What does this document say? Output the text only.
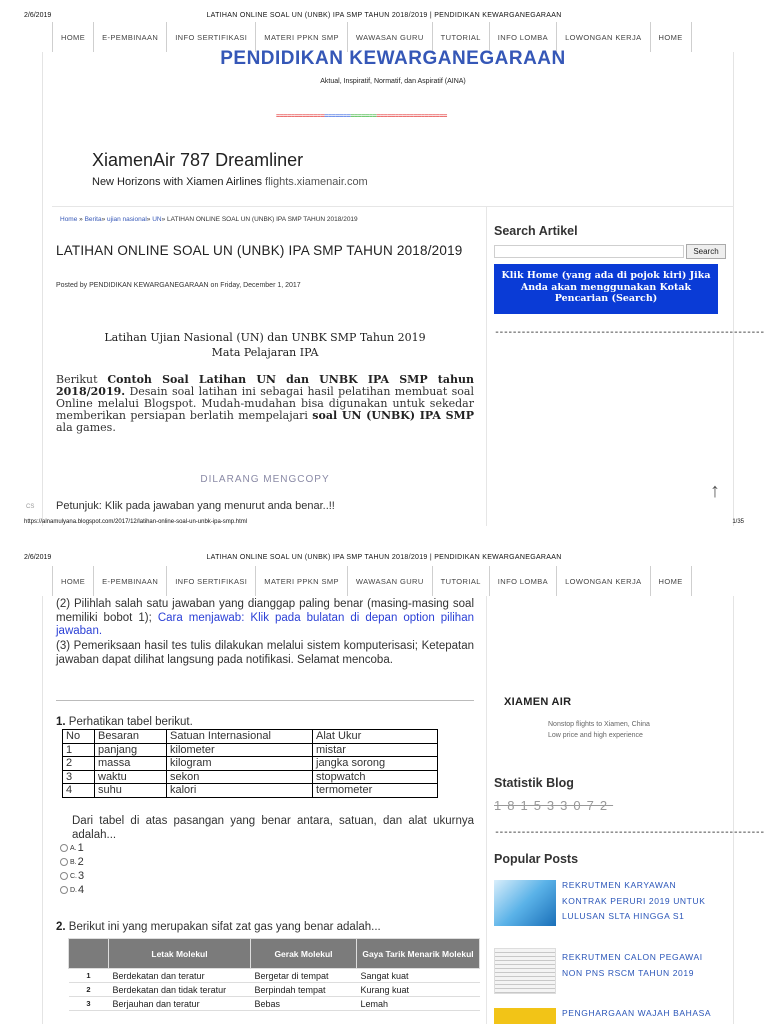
2/6/2019	LATIHAN ONLINE SOAL UN (UNBK) IPA SMP TAHUN 2018/2019 | PENDIDIKAN KEWARGANEGARAAN
HOME	E-PEMBINAAN	INFO SERTIFIKASI	MATERI PPKN SMP	WAWASAN GURU	TUTORIAL	INFO LOMBA	LOWONGAN KERJA	HOME
PENDIDIKAN KEWARGANEGARAAN
Aktual, Inspiratif, Normatif, dan Aspiratif (AINA)
==============================================
XiamenAir 787 Dreamliner
New Horizons with Xiamen Airlines flights.xiamenair.com
Home » Berita» ujian nasional» UN» LATIHAN ONLINE SOAL UN (UNBK) IPA SMP TAHUN 2018/2019
LATIHAN ONLINE SOAL UN (UNBK) IPA SMP TAHUN 2018/2019
Posted by PENDIDIKAN KEWARGANEGARAAN on Friday, December 1, 2017
Latihan Ujian Nasional (UN) dan UNBK SMP Tahun 2019
Mata Pelajaran IPA
Berikut Contoh Soal Latihan UN dan UNBK IPA SMP tahun 2018/2019. Desain soal latihan ini sebagai hasil pelatihan membuat soal Online melalui Blogspot. Mudah-mudahan bisa digunakan untuk sekedar memberikan persiapan berlatih mempelajari soal UN (UNBK) IPA SMP ala games.
DILARANG MENGCOPY
CS Petunjuk: Klik pada jawaban yang menurut anda benar..!!
↑
Search Artikel
Search
Klik Home (yang ada di pojok kiri) Jika Anda akan menggunakan Kotak Pencarian (Search)
-------------------------------------------------------------
https://alnamulyana.blogspot.com/2017/12/latihan-online-soal-un-unbk-ipa-smp.html	1/35
2/6/2019	LATIHAN ONLINE SOAL UN (UNBK) IPA SMP TAHUN 2018/2019 | PENDIDIKAN KEWARGANEGARAAN
HOME	E-PEMBINAAN	INFO SERTIFIKASI	MATERI PPKN SMP	WAWASAN GURU	TUTORIAL	INFO LOMBA	LOWONGAN KERJA	HOME
(2) Pilihlah salah satu jawaban yang dianggap paling benar (masing-masing soal memiliki bobot 1); Cara menjawab: Klik pada bulatan di depan option pilihan jawaban.
(3) Pemeriksaan hasil tes tulis dilakukan melalui sistem komputerisasi; Ketepatan jawaban dapat dilihat langsung pada notifikasi. Selamat mencoba.
1. Perhatikan tabel berikut.
No	Besaran	Satuan Internasional	Alat Ukur
1	panjang	kilometer	mistar
2	massa	kilogram	jangka sorong
3	waktu	sekon	stopwatch
4	suhu	kalori	termometer
Dari tabel di atas pasangan yang benar antara, satuan, dan alat ukurnya adalah...
A. 1
B. 2
C. 3
D. 4
2. Berikut ini yang merupakan sifat zat gas yang benar adalah...
	Letak Molekul	Gerak Molekul	Gaya Tarik Menarik Molekul
1	Berdekatan dan teratur	Bergetar di tempat	Sangat kuat
2	Berdekatan dan tidak teratur	Berpindah tempat	Kurang kuat
3	Berjauhan dan teratur	Bebas	Lemah
XIAMEN AIR
Nonstop flights to Xiamen, China Low price and high experience
Statistik Blog
181533072
-------------------------------------------------------------
Popular Posts
REKRUTMEN KARYAWAN KONTRAK PERURI 2019 UNTUK LULUSAN SLTA HINGGA S1
REKRUTMEN CALON PEGAWAI NON PNS RSCM TAHUN 2019
PENGHARGAAN WAJAH BAHASA
